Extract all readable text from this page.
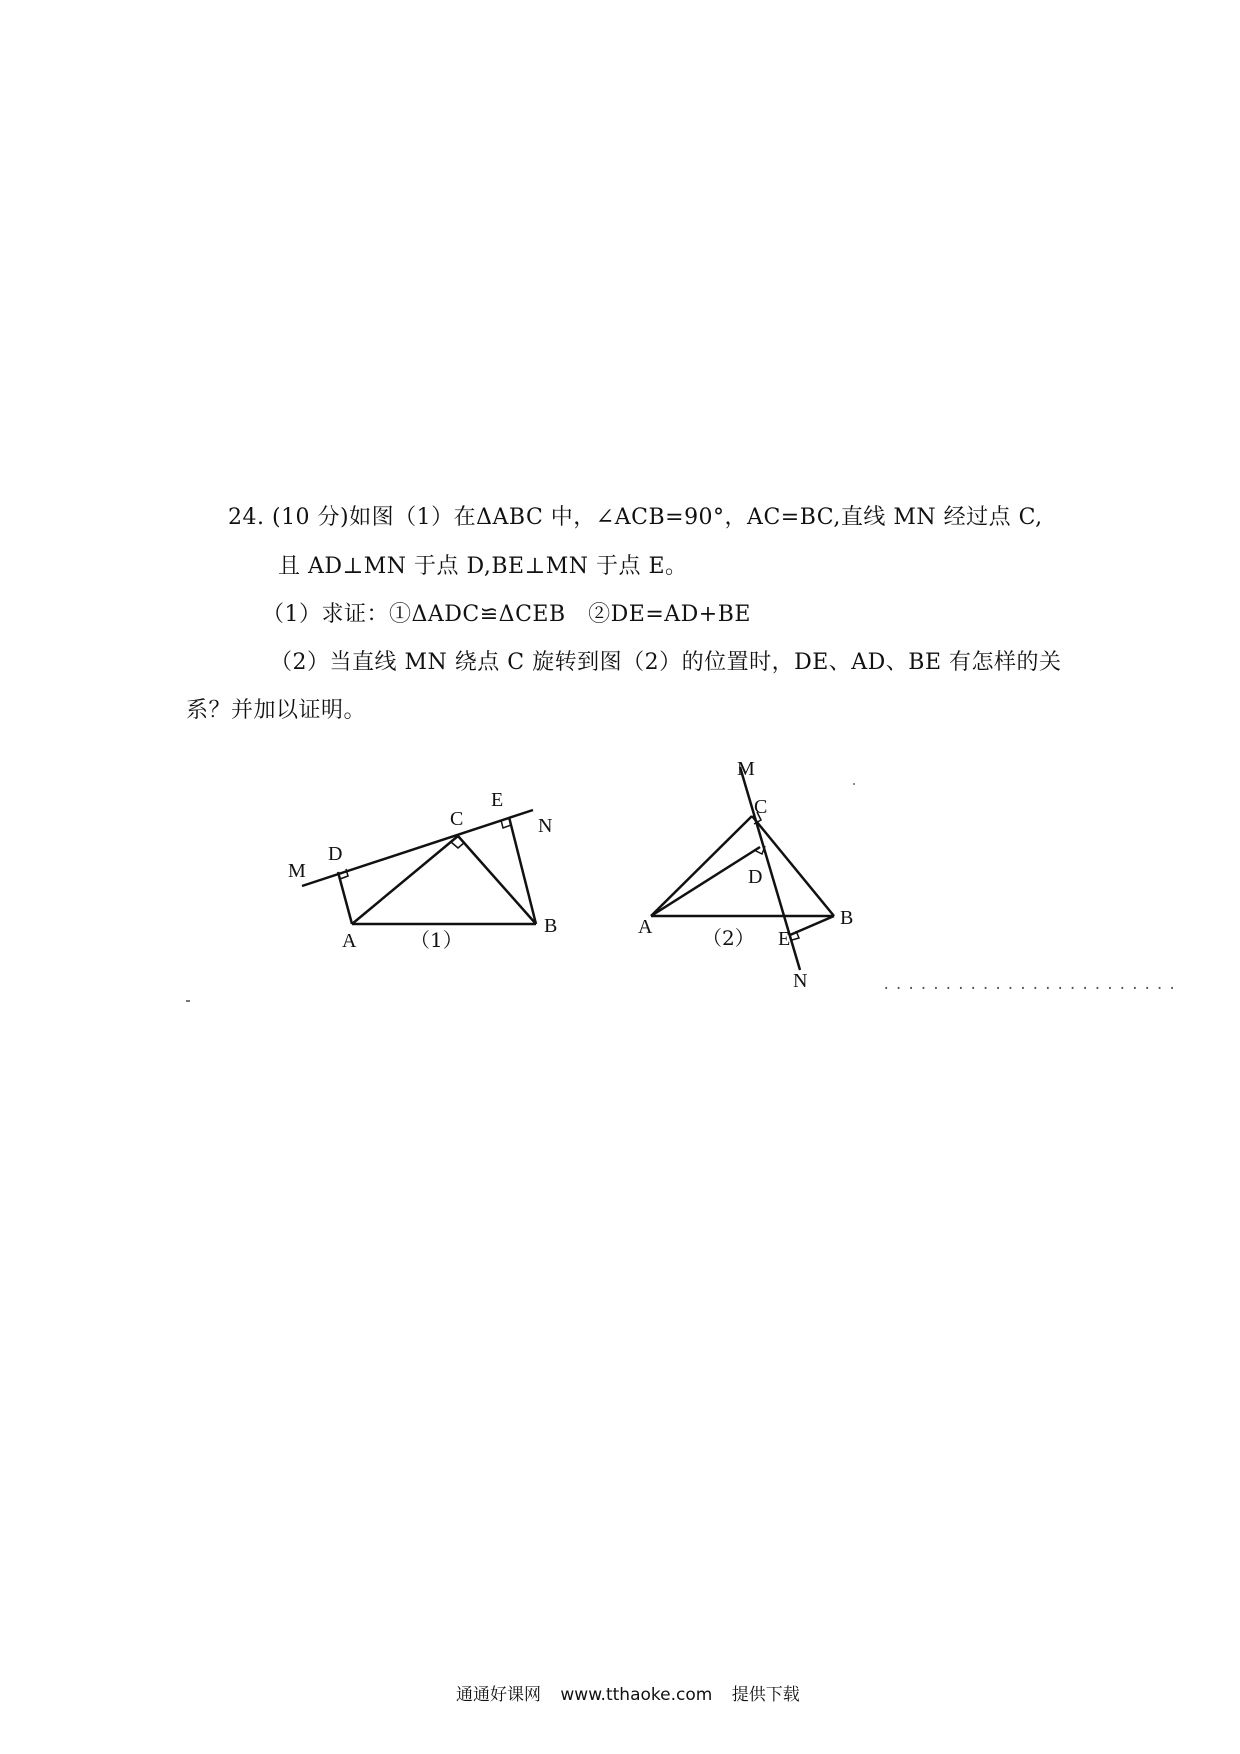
24. (10 分)如图（1）在ΔABC 中，∠ACB=90°，AC=BC,直线 MN 经过点 C,
且 AD⊥MN 于点 D,BE⊥MN 于点 E。
（1）求证：①ΔADC≌ΔCEB　②DE=AD+BE
（2）当直线 MN 绕点 C 旋转到图（2）的位置时，DE、AD、BE 有怎样的关
系？并加以证明。
M
D
C
E
N
A
B
（1）
M
C
D
A	B
E
N
（2）
........................
通通好课网 www.tthaoke.com 提供下载
